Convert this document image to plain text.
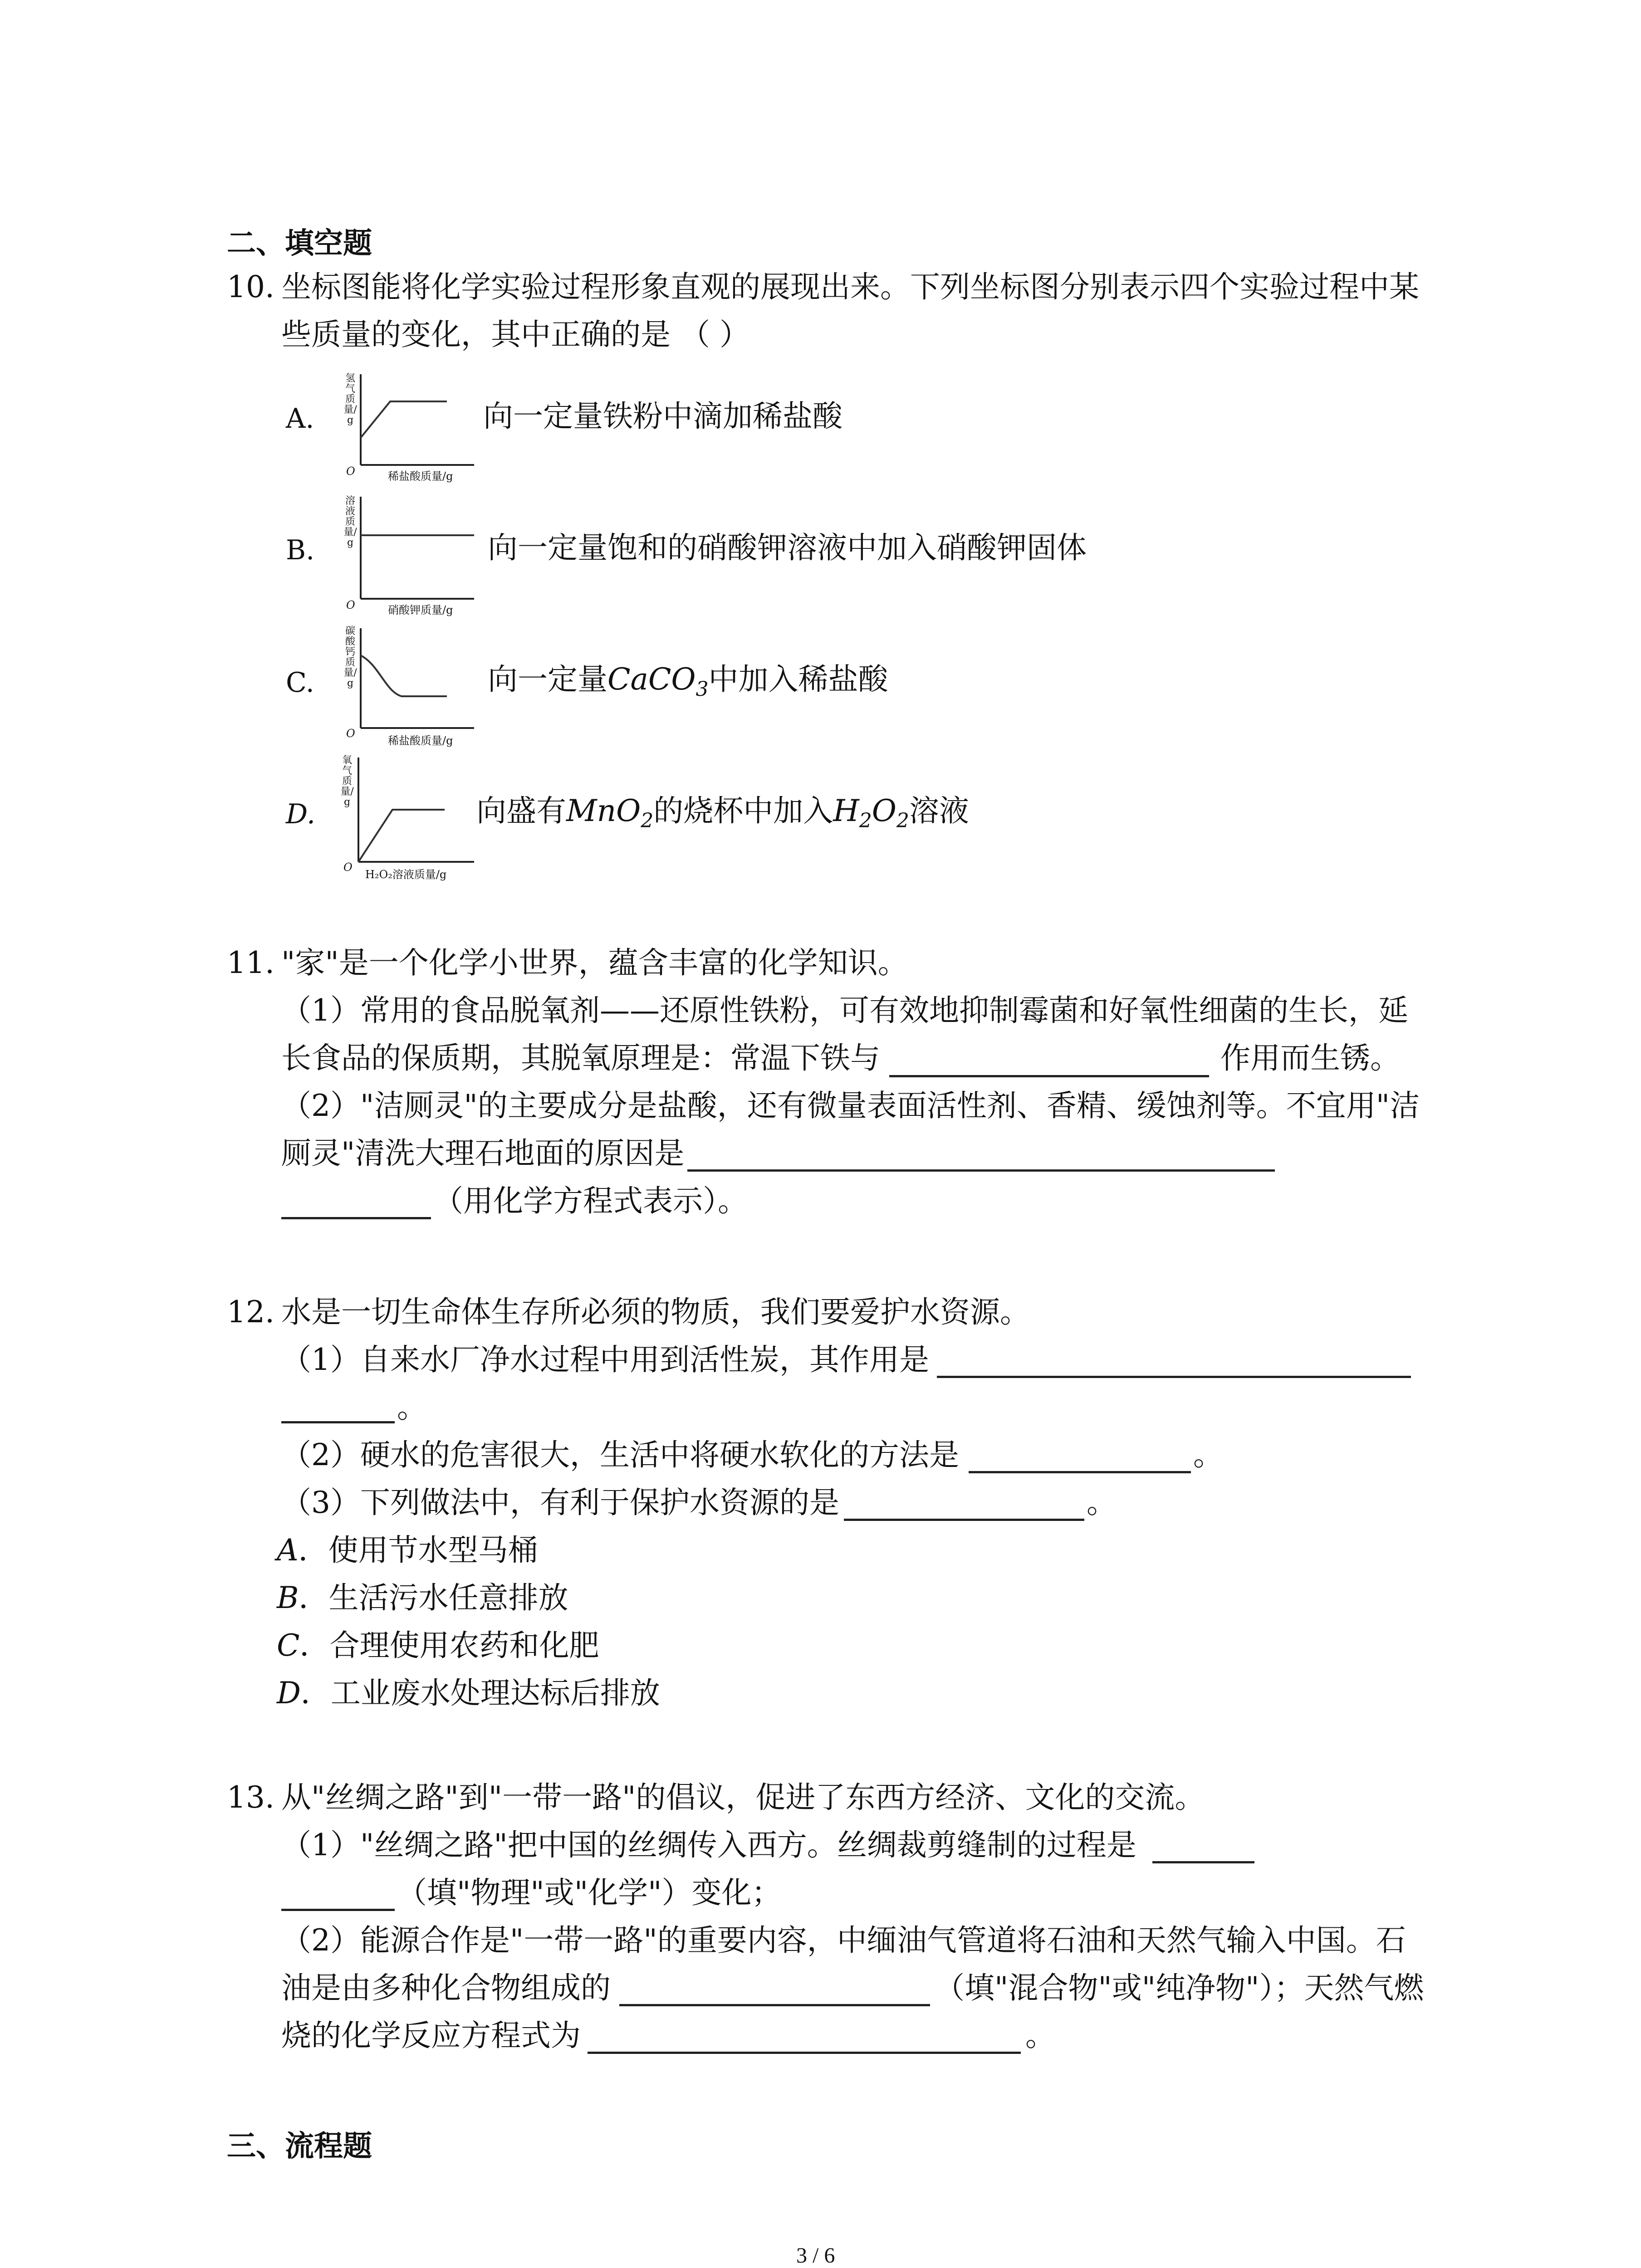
二、填空题
10. 坐标图能将化学实验过程形象直观的展现出来。下列坐标图分别表示四个实验过程中某
些质量的变化，其中正确的是 （ ）
A.
氢气质量/g
O	稀盐酸质量/g
向一定量铁粉中滴加稀盐酸
B.
溶液质量/g
O	硝酸钾质量/g
向一定量饱和的硝酸钾溶液中加入硝酸钾固体
C.
碳酸钙质量/g
O
稀盐酸质量/g
向一定量CaCO$_3$中加入稀盐酸
D.
氧气质量/g
O
H₂O₂溶液质量/g
向盛有MnO$_2$的烧杯中加入$H_2O_2$溶液
11. "家"是一个化学小世界，蕴含丰富的化学知识。
（1）常用的食品脱氧剂——还原性铁粉，可有效地抑制霉菌和好氧性细菌的生长，延
长食品的保质期，其脱氧原理是：常温下铁与	作用而生锈。
（2）"洁厕灵"的主要成分是盐酸，还有微量表面活性剂、香精、缓蚀剂等。不宜用"洁
厕灵"清洗大理石地面的原因是
（用化学方程式表示）。
12. 水是一切生命体生存所必须的物质，我们要爱护水资源。
（1）自来水厂净水过程中用到活性炭，其作用是
。
（2）硬水的危害很大，生活中将硬水软化的方法是	。
（3）下列做法中，有利于保护水资源的是	。
A．使用节水型马桶
B．生活污水任意排放
C．合理使用农药和化肥
D．工业废水处理达标后排放
13. 从"丝绸之路"到"一带一路"的倡议，促进了东西方经济、文化的交流。
（1）"丝绸之路"把中国的丝绸传入西方。丝绸裁剪缝制的过程是
（填"物理"或"化学"）变化；
（2）能源合作是"一带一路"的重要内容，中缅油气管道将石油和天然气输入中国。石
油是由多种化合物组成的	（填"混合物"或"纯净物"）；天然气燃
烧的化学反应方程式为	。
三、流程题
3 / 6
